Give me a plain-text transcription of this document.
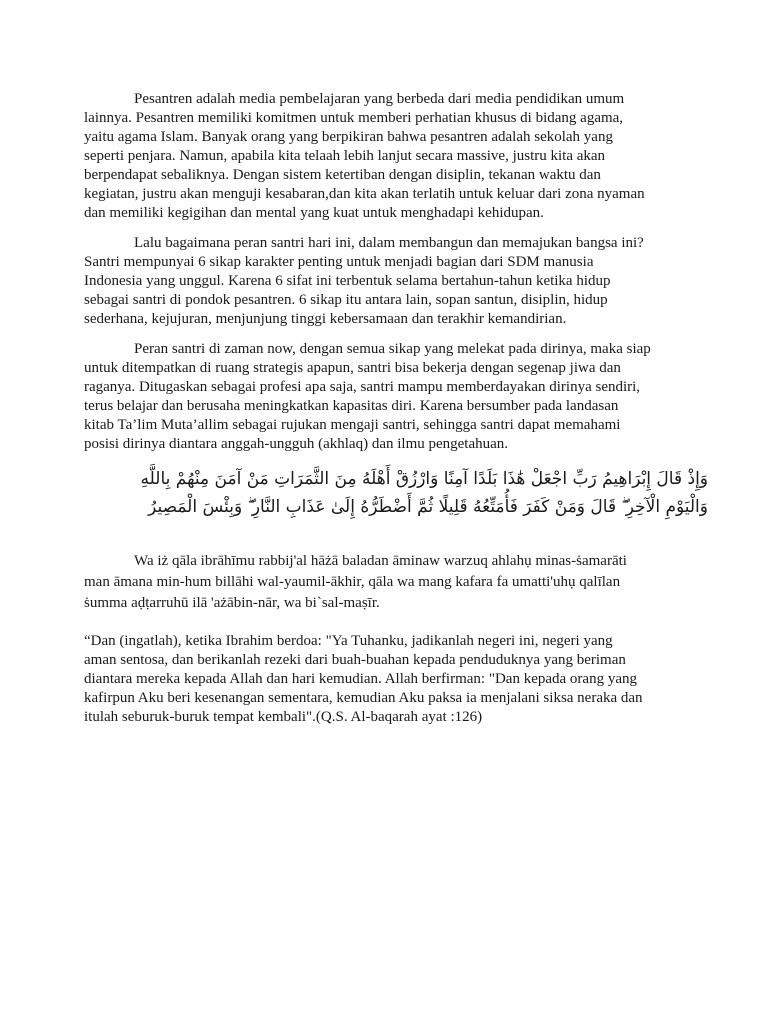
Pesantren adalah media pembelajaran yang berbeda dari media pendidikan umum
lainnya. Pesantren memiliki komitmen untuk memberi perhatian khusus di bidang agama,
yaitu agama Islam. Banyak orang yang berpikiran bahwa pesantren adalah sekolah yang
seperti penjara. Namun, apabila kita telaah lebih lanjut secara massive, justru kita akan
berpendapat sebaliknya. Dengan sistem ketertiban dengan disiplin, tekanan waktu dan
kegiatan, justru akan menguji kesabaran,dan kita akan terlatih untuk keluar dari zona nyaman
dan memiliki kegigihan dan mental yang kuat untuk menghadapi kehidupan.

Lalu bagaimana peran santri hari ini, dalam membangun dan memajukan bangsa ini?
Santri mempunyai 6 sikap karakter penting untuk menjadi bagian dari SDM manusia
Indonesia yang unggul. Karena 6 sifat ini terbentuk selama bertahun-tahun ketika hidup
sebagai santri di pondok pesantren. 6 sikap itu antara lain, sopan santun, disiplin, hidup
sederhana, kejujuran, menjunjung tinggi kebersamaan dan terakhir kemandirian.

Peran santri di zaman now, dengan semua sikap yang melekat pada dirinya, maka siap
untuk ditempatkan di ruang strategis apapun, santri bisa bekerja dengan segenap jiwa dan
raganya. Ditugaskan sebagai profesi apa saja, santri mampu memberdayakan dirinya sendiri,
terus belajar dan berusaha meningkatkan kapasitas diri. Karena bersumber pada landasan
kitab Ta’lim Muta’allim sebagai rujukan mengaji santri, sehingga santri dapat memahami
posisi dirinya diantara anggah-ungguh (akhlaq) dan ilmu pengetahuan.

وَإِذْ قَالَ إِبْرَاهِيمُ رَبِّ اجْعَلْ هَٰذَا بَلَدًا آمِنًا وَارْزُقْ أَهْلَهُ مِنَ الثَّمَرَاتِ مَنْ آمَنَ مِنْهُمْ بِاللَّهِ
وَالْيَوْمِ الْآخِرِ ۖ قَالَ وَمَنْ كَفَرَ فَأُمَتِّعُهُ قَلِيلًا ثُمَّ أَضْطَرُّهُ إِلَىٰ عَذَابِ النَّارِ ۖ وَبِئْسَ الْمَصِيرُ

Wa iż qāla ibrāhīmu rabbij'al hāżā baladan āminaw warzuq ahlahụ minas-ṡamarāti
man āmana min-hum billāhi wal-yaumil-ākhir, qāla wa mang kafara fa umatti'uhụ qalīlan
ṡumma aḍṭarruhū ilā 'ażābin-nār, wa bi`sal-maṣīr.

“Dan (ingatlah), ketika Ibrahim berdoa: "Ya Tuhanku, jadikanlah negeri ini, negeri yang
aman sentosa, dan berikanlah rezeki dari buah-buahan kepada penduduknya yang beriman
diantara mereka kepada Allah dan hari kemudian. Allah berfirman: "Dan kepada orang yang
kafirpun Aku beri kesenangan sementara, kemudian Aku paksa ia menjalani siksa neraka dan
itulah seburuk-buruk tempat kembali".(Q.S. Al-baqarah ayat :126)
